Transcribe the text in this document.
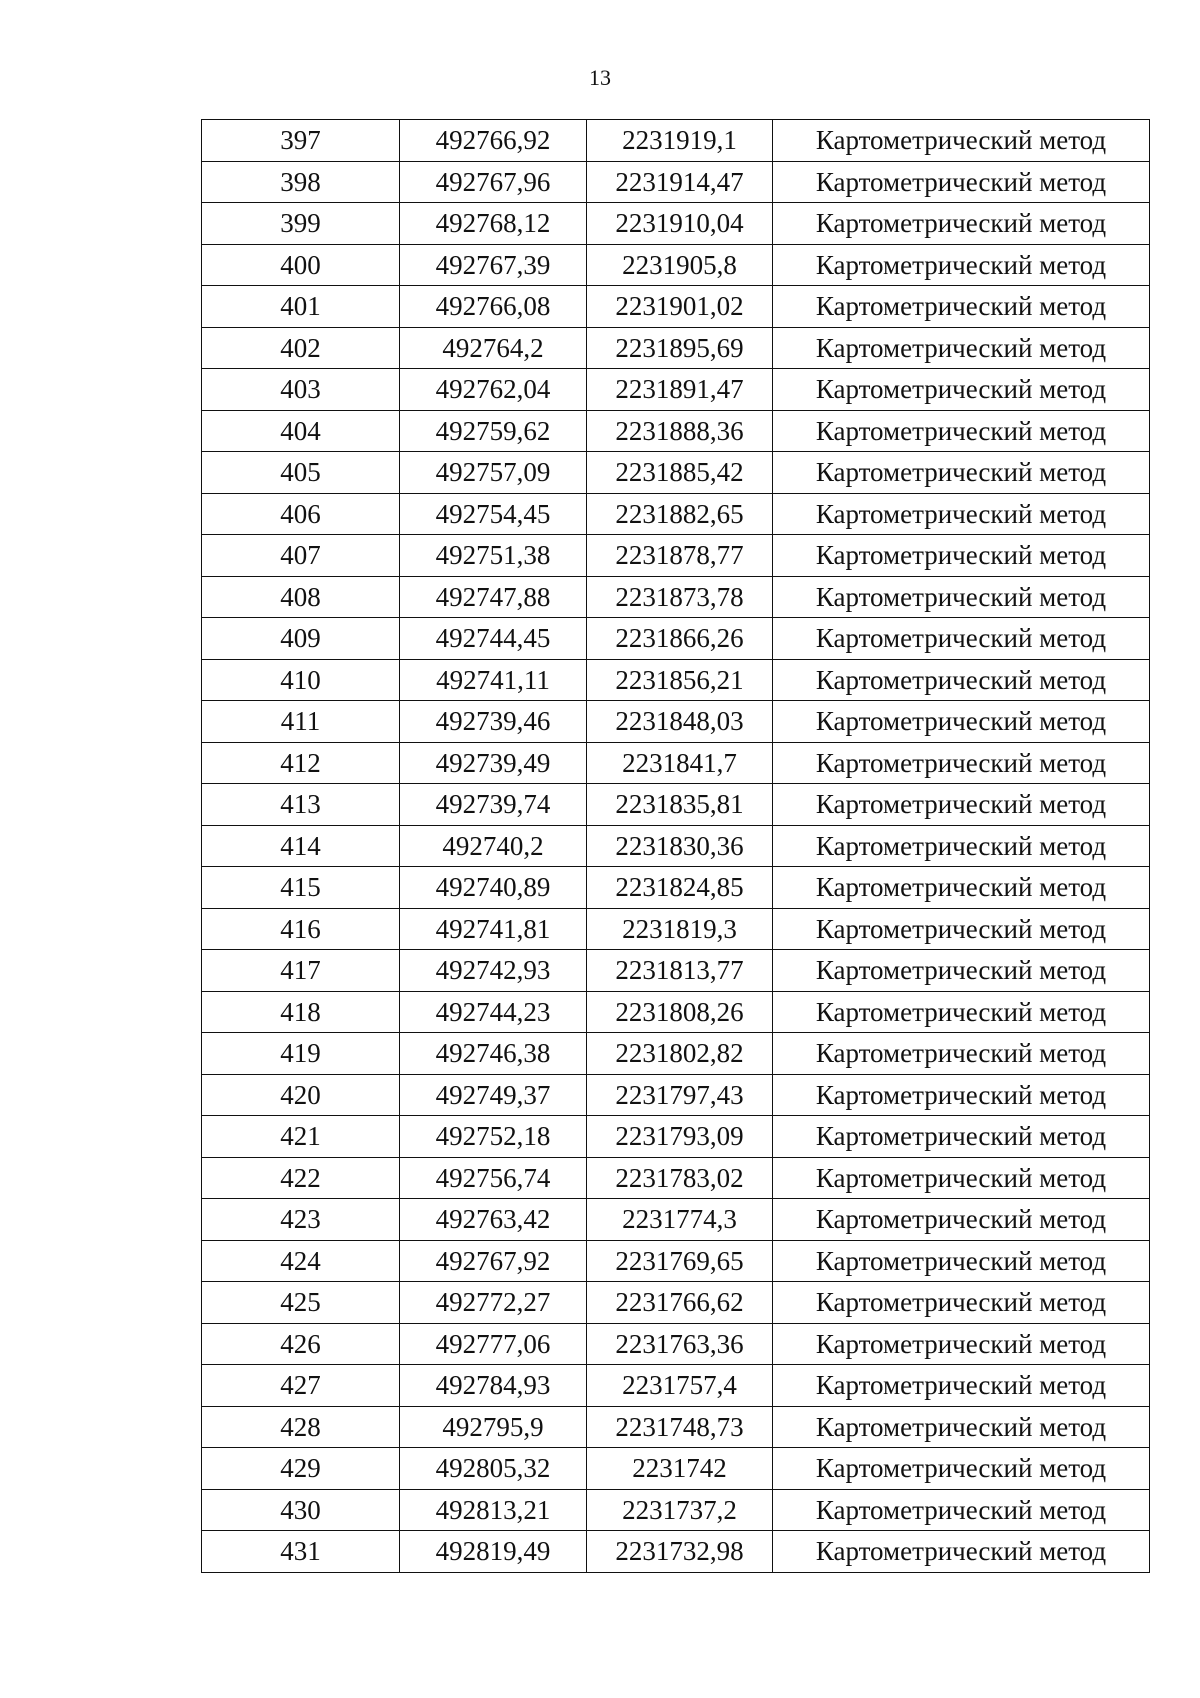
13
397	492766,92	2231919,1	Картометрический метод
398	492767,96	2231914,47	Картометрический метод
399	492768,12	2231910,04	Картометрический метод
400	492767,39	2231905,8	Картометрический метод
401	492766,08	2231901,02	Картометрический метод
402	492764,2	2231895,69	Картометрический метод
403	492762,04	2231891,47	Картометрический метод
404	492759,62	2231888,36	Картометрический метод
405	492757,09	2231885,42	Картометрический метод
406	492754,45	2231882,65	Картометрический метод
407	492751,38	2231878,77	Картометрический метод
408	492747,88	2231873,78	Картометрический метод
409	492744,45	2231866,26	Картометрический метод
410	492741,11	2231856,21	Картометрический метод
411	492739,46	2231848,03	Картометрический метод
412	492739,49	2231841,7	Картометрический метод
413	492739,74	2231835,81	Картометрический метод
414	492740,2	2231830,36	Картометрический метод
415	492740,89	2231824,85	Картометрический метод
416	492741,81	2231819,3	Картометрический метод
417	492742,93	2231813,77	Картометрический метод
418	492744,23	2231808,26	Картометрический метод
419	492746,38	2231802,82	Картометрический метод
420	492749,37	2231797,43	Картометрический метод
421	492752,18	2231793,09	Картометрический метод
422	492756,74	2231783,02	Картометрический метод
423	492763,42	2231774,3	Картометрический метод
424	492767,92	2231769,65	Картометрический метод
425	492772,27	2231766,62	Картометрический метод
426	492777,06	2231763,36	Картометрический метод
427	492784,93	2231757,4	Картометрический метод
428	492795,9	2231748,73	Картометрический метод
429	492805,32	2231742	Картометрический метод
430	492813,21	2231737,2	Картометрический метод
431	492819,49	2231732,98	Картометрический метод
